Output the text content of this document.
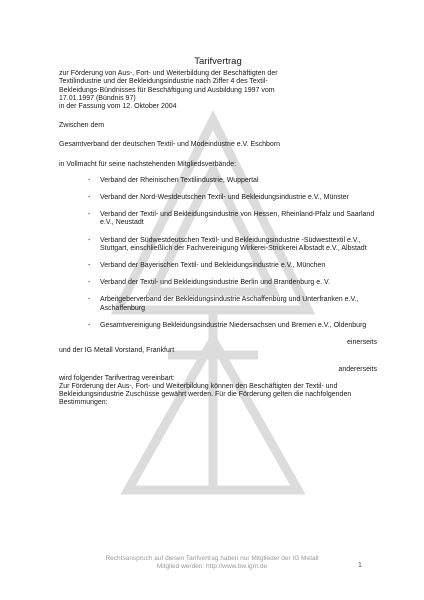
Tarifvertrag

zur Förderung von Aus-, Fort- und Weiterbildung der Beschäftigten der

Textilindustrie und der Bekleidungsindustrie nach Ziffer 4 des Textil-

Bekleidungs-Bündnisses für Beschäftigung und Ausbildung 1997 vom

17.01.1997 (Bündnis 97)

in der Fassung vom 12. Oktober 2004

Zwischen dem

Gesamtverband der deutschen Textil- und Modeindustrie e.V. Eschborn

in Vollmacht für seine nachstehenden Mitgliedsverbände:

- Verband der Rheinischen Textilindustrie, Wuppertal
- Verband der Nord-Westdeutschen Textil- und Bekleidungsindustrie e.V., Münster
- Verband der Textil- und Bekleidungsindustrie von Hessen, Rheinland-Pfalz und Saarland e.V., Neustadt
- Verband der Südwestdeutschen Textil- und Bekleidungsindustrie -Südwesttextil e.V., Stuttgart, einschließlich der Fachvereinigung Wirkerei-Strickerei Albstadt e.V., Albstadt
- Verband der Bayerischen Textil- und Bekleidungsindustrie e.V., München
- Verband der Textil- und Bekleidungsindustrie Berlin und Brandenburg e. V.
- Arbeitgeberverband der Bekleidungsindustrie Aschaffenburg und Unterfranken e.V., Aschaffenburg
- Gesamtvereinigung Bekleidungsindustrie Niedersachsen und Bremen e.V., Oldenburg

einerseits

und der IG Metall Vorstand, Frankfurt

andererseits

wird folgender Tarifvertrag vereinbart:

Zur Förderung der Aus-, Fort- und Weiterbildung können den Beschäftigten der Textil- und Bekleidungsindustrie Zuschüsse gewährt werden. Für die Förderung gelten die nachfolgenden Bestimmungen:

Rechtsanspruch auf diesen Tarifvertrag haben nur Mitglieder der IG Metall
Mitglied werden: http://www.bw.igm.de	1
